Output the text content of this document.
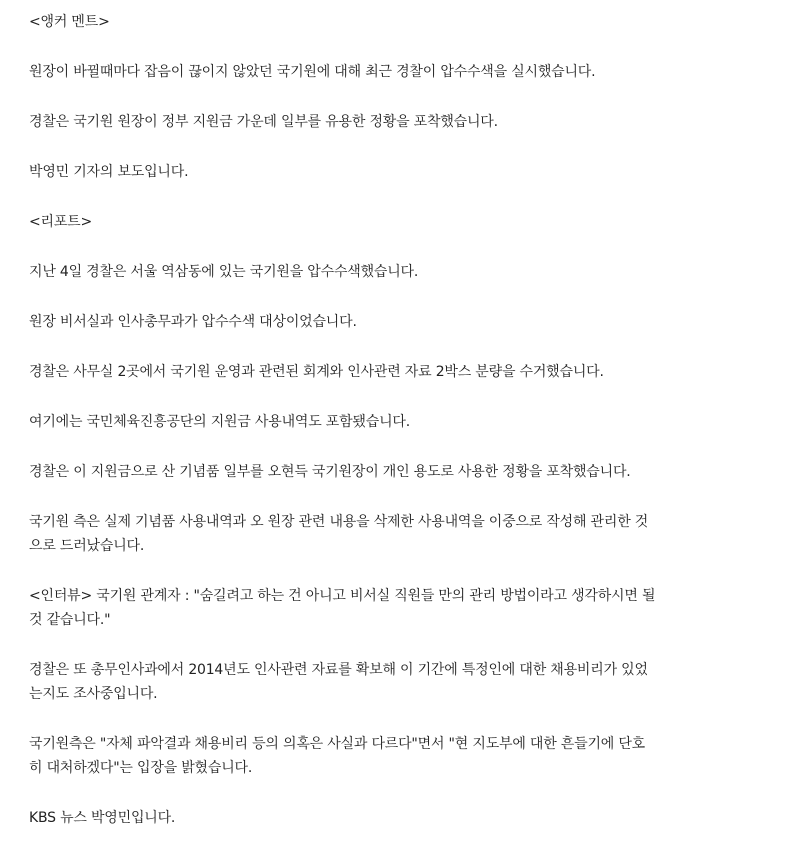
<앵커 멘트>

원장이 바뀔때마다 잡음이 끊이지 않았던 국기원에 대해 최근 경찰이 압수수색을 실시했습니다.

경찰은 국기원 원장이 정부 지원금 가운데 일부를 유용한 정황을 포착했습니다.

박영민 기자의 보도입니다.

<리포트>

지난 4일 경찰은 서울 역삼동에 있는 국기원을 압수수색했습니다.

원장 비서실과 인사총무과가 압수수색 대상이었습니다.

경찰은 사무실 2곳에서 국기원 운영과 관련된 회계와 인사관련 자료 2박스 분량을 수거했습니다.

여기에는 국민체육진흥공단의 지원금 사용내역도 포함됐습니다.

경찰은 이 지원금으로 산 기념품 일부를 오현득 국기원장이 개인 용도로 사용한 정황을 포착했습니다.

국기원 측은 실제 기념품 사용내역과 오 원장 관련 내용을 삭제한 사용내역을 이중으로 작성해 관리한 것
으로 드러났습니다.

<인터뷰> 국기원 관계자 : "숨길려고 하는 건 아니고 비서실 직원들 만의 관리 방법이라고 생각하시면 될
것 같습니다."

경찰은 또 총무인사과에서 2014년도 인사관련 자료를 확보해 이 기간에 특정인에 대한 채용비리가 있었
는지도 조사중입니다.

국기원측은 "자체 파악결과 채용비리 등의 의혹은 사실과 다르다"면서 "현 지도부에 대한 흔들기에 단호
히 대처하겠다"는 입장을 밝혔습니다.

KBS 뉴스 박영민입니다.
